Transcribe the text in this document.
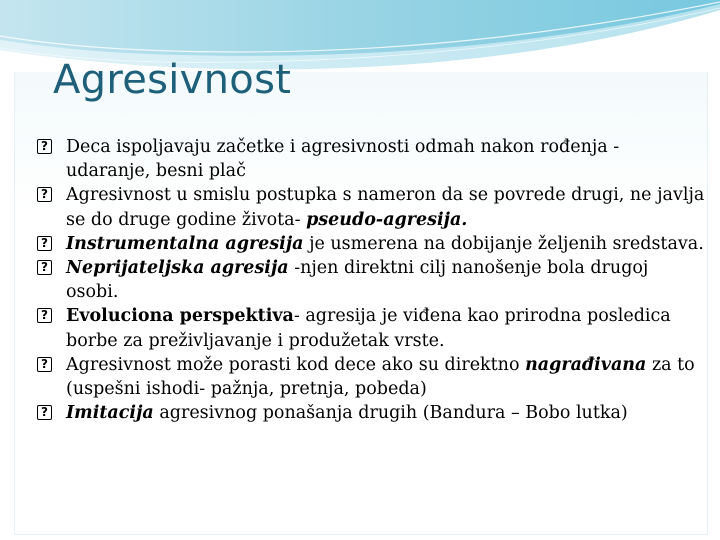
Agresivnost
? Deca ispoljavaju začetke i agresivnosti odmah nakon rođenja - udaranje, besni plač
? Agresivnost u smislu postupka s nameron da se povrede drugi, ne javlja se do druge godine života- pseudo-agresija.
? Instrumentalna agresija je usmerena na dobijanje željenih sredstava.
? Neprijateljska agresija -njen direktni cilj nanošenje bola drugoj osobi.
? Evoluciona perspektiva- agresija je viđena kao prirodna posledica borbe za preživljavanje i produžetak vrste.
? Agresivnost može porasti kod dece ako su direktno nagrađivana za to (uspešni ishodi- pažnja, pretnja, pobeda)
? Imitacija agresivnog ponašanja drugih (Bandura – Bobo lutka)
